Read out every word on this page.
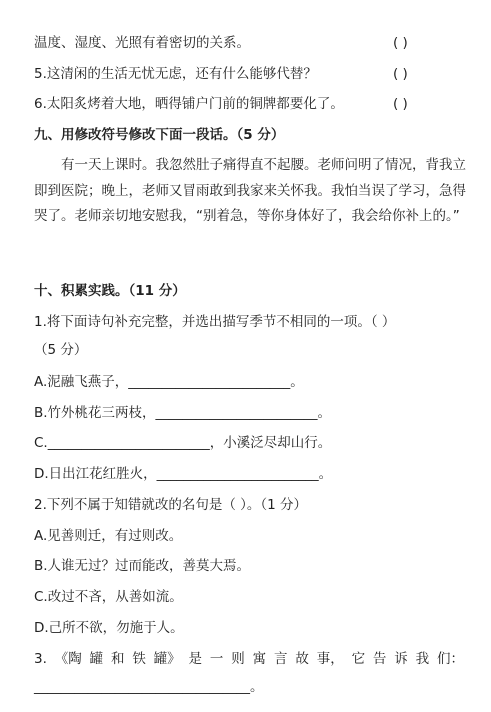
温度、湿度、光照有着密切的关系。	( )
5.这清闲的生活无忧无虑，还有什么能够代替？	( )
6.太阳炙烤着大地，晒得铺户门前的铜牌都要化了。	( )
九、用修改符号修改下面一段话。（5 分）
有一天上课时。我忽然肚子痛得直不起腰。老师问明了情况，背我立即到医院；晚上，老师又冒雨敢到我家来关怀我。我怕当误了学习，急得哭了。老师亲切地安慰我，“别着急，等你身体好了，我会给你补上的。”
十、积累实践。（11 分）
1.将下面诗句补充完整，并选出描写季节不相同的一项。（ ）
（5 分）
A.泥融飞燕子，________________________。
B.竹外桃花三两枝，________________________。
C.________________________，小溪泛尽却山行。
D.日出江花红胜火，________________________。
2.下列不属于知错就改的名句是（ ）。（1 分）
A.见善则迁，有过则改。
B.人谁无过？过而能改，善莫大焉。
C.改过不吝，从善如流。
D.己所不欲，勿施于人。
3. 《陶 罐 和 铁 罐》 是 一 则 寓 言 故 事， 它 告 诉 我 们：
________________________________。
